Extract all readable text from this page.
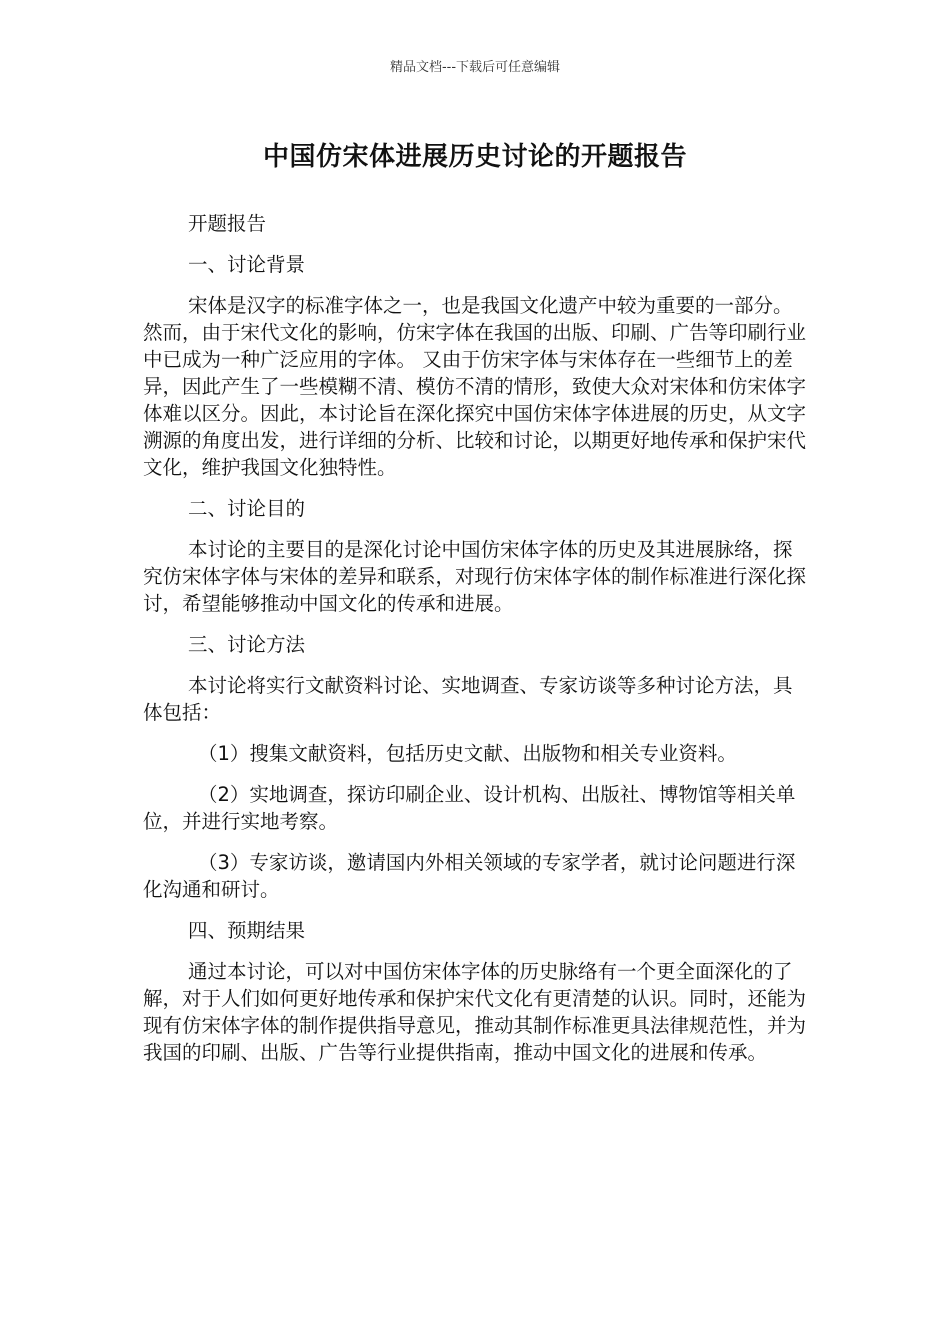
精品文档---下载后可任意编辑
中国仿宋体进展历史讨论的开题报告

开题报告

一、讨论背景

宋体是汉字的标准字体之一，也是我国文化遗产中较为重要的一部分。然而，由于宋代文化的影响，仿宋字体在我国的出版、印刷、广告等印刷行业中已成为一种广泛应用的字体。 又由于仿宋字体与宋体存在一些细节上的差异，因此产生了一些模糊不清、模仿不清的情形，致使大众对宋体和仿宋体字体难以区分。因此，本讨论旨在深化探究中国仿宋体字体进展的历史，从文字溯源的角度出发，进行详细的分析、比较和讨论，以期更好地传承和保护宋代文化，维护我国文化独特性。

二、讨论目的

本讨论的主要目的是深化讨论中国仿宋体字体的历史及其进展脉络，探究仿宋体字体与宋体的差异和联系，对现行仿宋体字体的制作标准进行深化探讨，希望能够推动中国文化的传承和进展。

三、讨论方法

本讨论将实行文献资料讨论、实地调查、专家访谈等多种讨论方法，具体包括：

（1）搜集文献资料，包括历史文献、出版物和相关专业资料。

（2）实地调查，探访印刷企业、设计机构、出版社、博物馆等相关单位，并进行实地考察。

（3）专家访谈，邀请国内外相关领域的专家学者，就讨论问题进行深化沟通和研讨。

四、预期结果

通过本讨论，可以对中国仿宋体字体的历史脉络有一个更全面深化的了解，对于人们如何更好地传承和保护宋代文化有更清楚的认识。同时，还能为现有仿宋体字体的制作提供指导意见，推动其制作标准更具法律规范性，并为我国的印刷、出版、广告等行业提供指南，推动中国文化的进展和传承。
